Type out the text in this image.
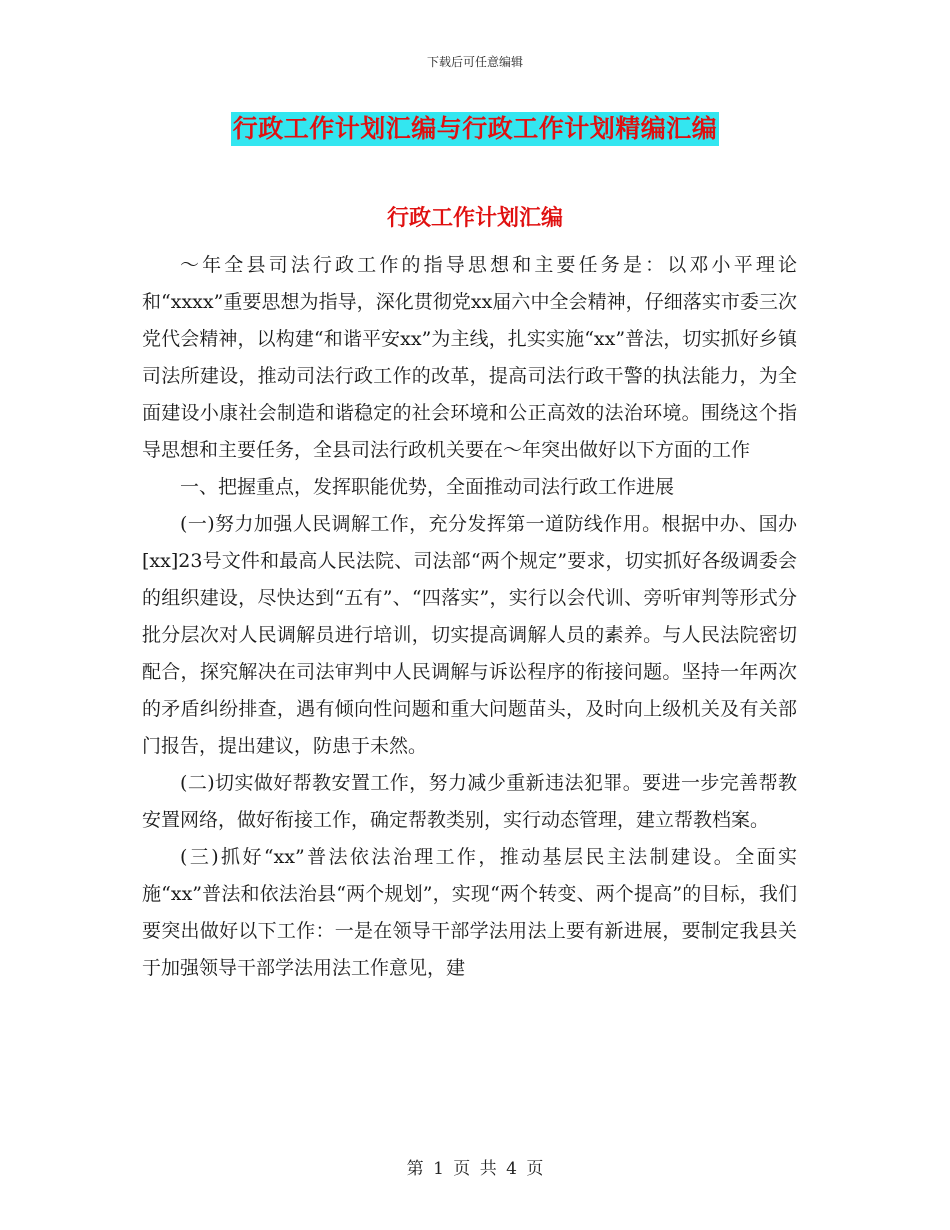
下载后可任意编辑
行政工作计划汇编与行政工作计划精编汇编
行政工作计划汇编

～年全县司法行政工作的指导思想和主要任务是：以邓小平理论和“xxxx”重要思想为指导，深化贯彻党xx届六中全会精神，仔细落实市委三次党代会精神，以构建“和谐平安xx”为主线，扎实实施“xx”普法，切实抓好乡镇司法所建设，推动司法行政工作的改革，提高司法行政干警的执法能力，为全面建设小康社会制造和谐稳定的社会环境和公正高效的法治环境。围绕这个指导思想和主要任务，全县司法行政机关要在～年突出做好以下方面的工作

一、把握重点，发挥职能优势，全面推动司法行政工作进展

(一)努力加强人民调解工作，充分发挥第一道防线作用。根据中办、国办[xx]23号文件和最高人民法院、司法部“两个规定”要求，切实抓好各级调委会的组织建设，尽快达到“五有”、“四落实”，实行以会代训、旁听审判等形式分批分层次对人民调解员进行培训，切实提高调解人员的素养。与人民法院密切配合，探究解决在司法审判中人民调解与诉讼程序的衔接问题。坚持一年两次的矛盾纠纷排查，遇有倾向性问题和重大问题苗头，及时向上级机关及有关部门报告，提出建议，防患于未然。

(二)切实做好帮教安置工作，努力减少重新违法犯罪。要进一步完善帮教安置网络，做好衔接工作，确定帮教类别，实行动态管理，建立帮教档案。

(三)抓好“xx”普法依法治理工作，推动基层民主法制建设。全面实施“xx”普法和依法治县“两个规划”，实现“两个转变、两个提高”的目标，我们要突出做好以下工作：一是在领导干部学法用法上要有新进展，要制定我县关于加强领导干部学法用法工作意见，建

第 1 页 共 4 页
